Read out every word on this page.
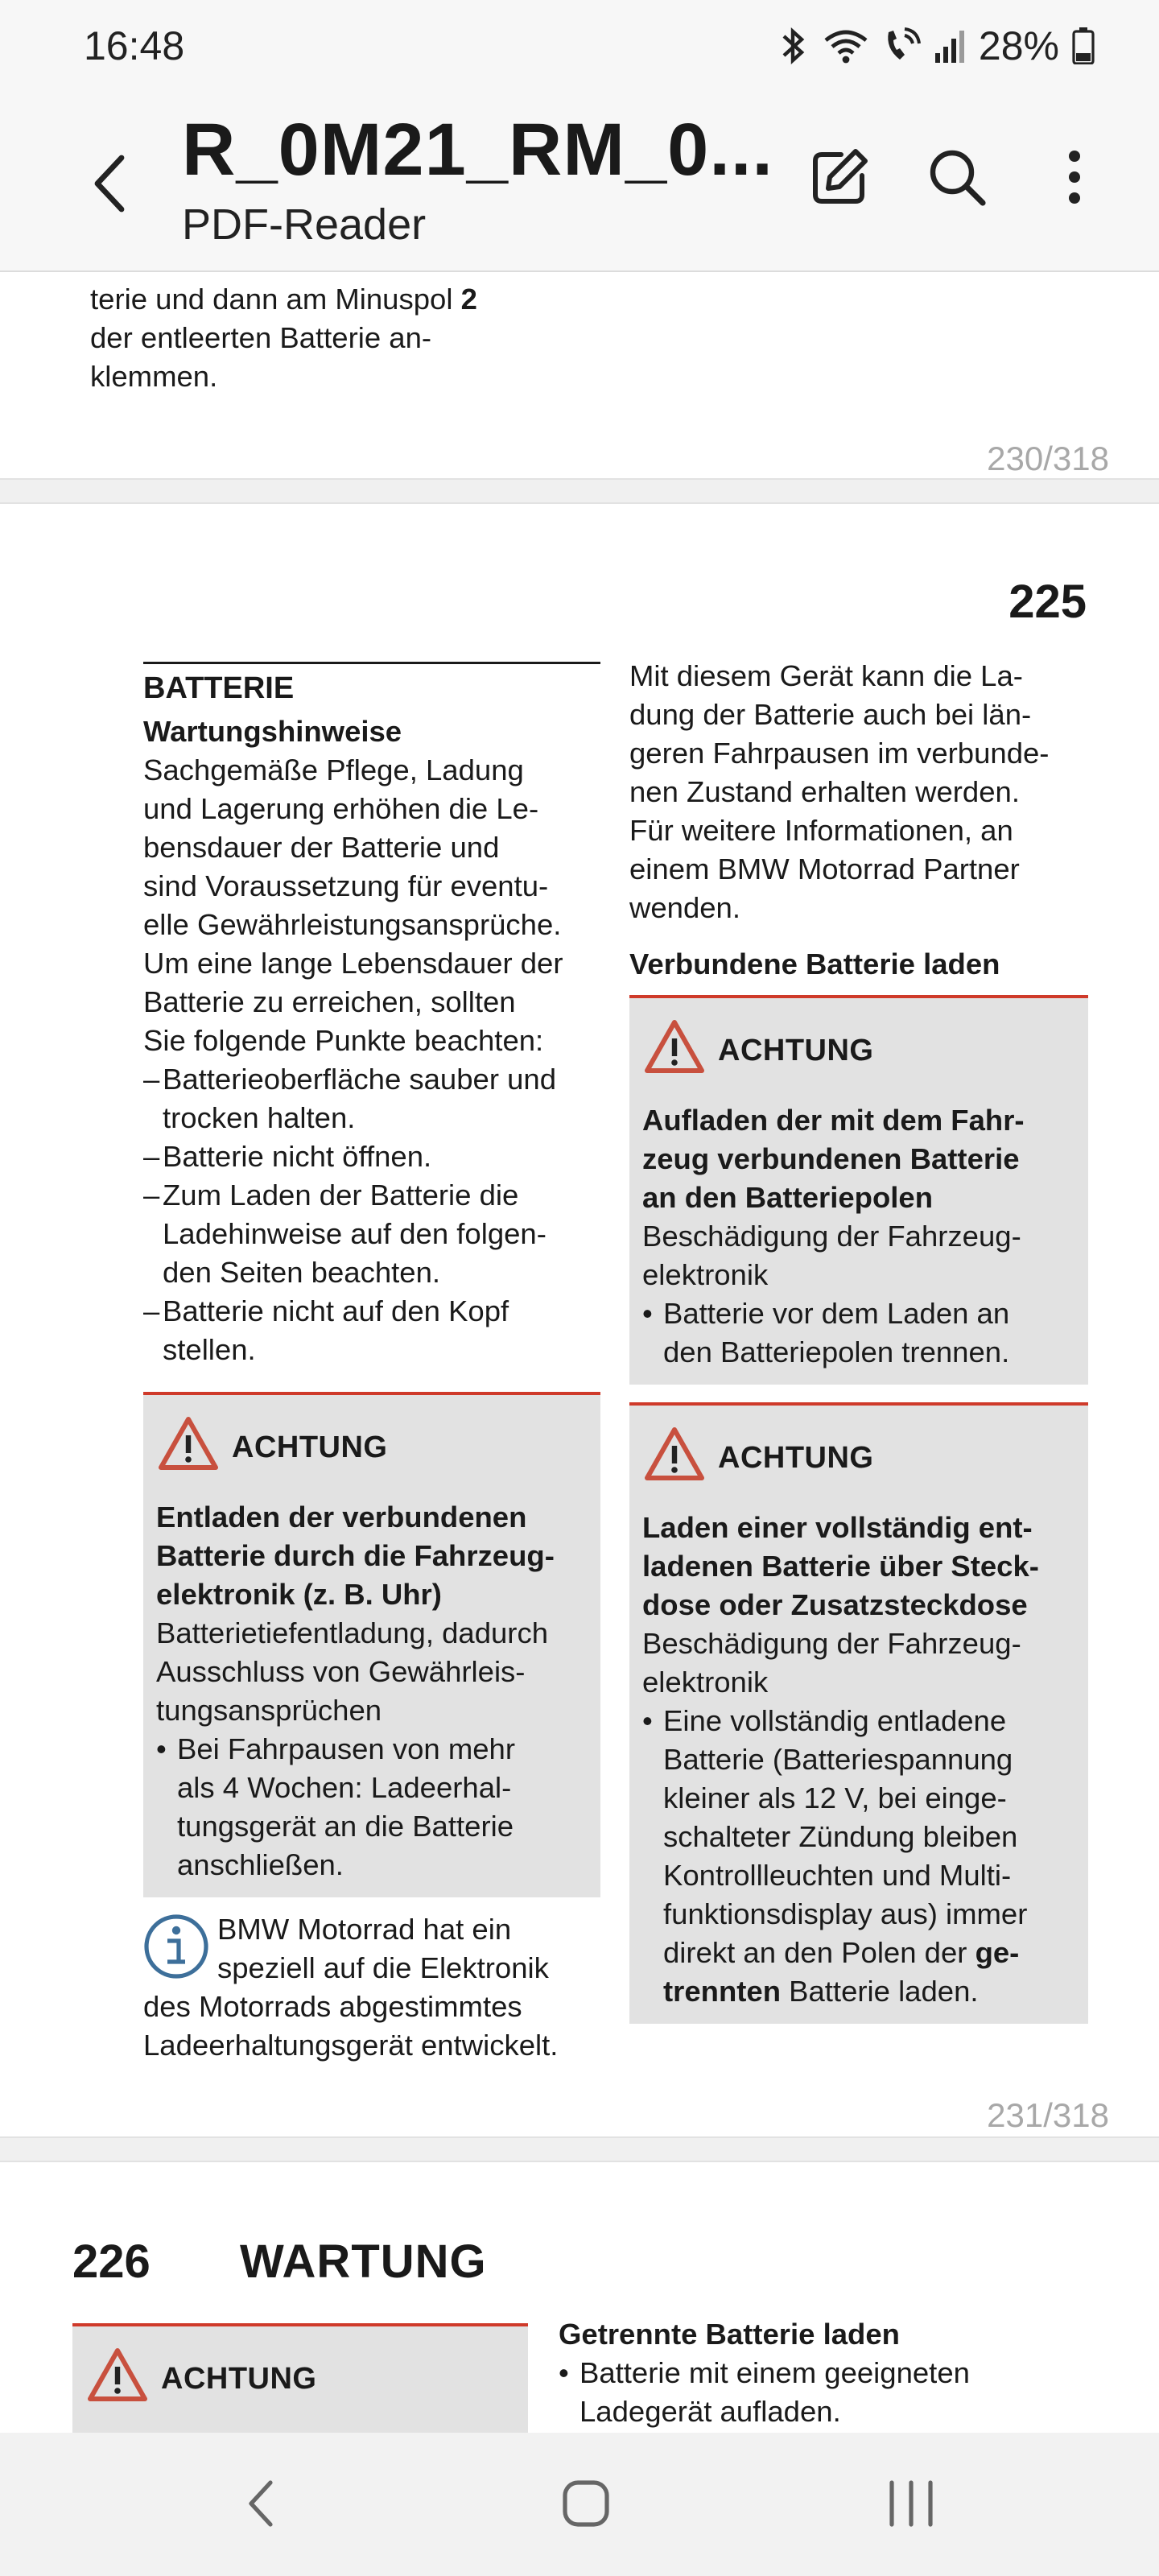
16:48	28%
R_0M21_RM_0...
PDF-Reader
terie und dann am Minuspol 2
der entleerten Batterie an-
klemmen.
230/318
225
BATTERIE
Wartungshinweise
Sachgemäße Pflege, Ladung
und Lagerung erhöhen die Le-
bensdauer der Batterie und
sind Voraussetzung für eventu-
elle Gewährleistungsansprüche.
Um eine lange Lebensdauer der
Batterie zu erreichen, sollten
Sie folgende Punkte beachten:
– Batterieoberfläche sauber und
trocken halten.
– Batterie nicht öffnen.
– Zum Laden der Batterie die
Ladehinweise auf den folgen-
den Seiten beachten.
– Batterie nicht auf den Kopf
stellen.
ACHTUNG
Entladen der verbundenen
Batterie durch die Fahrzeug-
elektronik (z. B. Uhr)
Batterietiefentladung, dadurch
Ausschluss von Gewährleis-
tungsansprüchen
• Bei Fahrpausen von mehr
als 4 Wochen: Ladeerhal-
tungsgerät an die Batterie
anschließen.
BMW Motorrad hat ein
speziell auf die Elektronik
des Motorrads abgestimmtes
Ladeerhaltungsgerät entwickelt.
Mit diesem Gerät kann die La-
dung der Batterie auch bei län-
geren Fahrpausen im verbunde-
nen Zustand erhalten werden.
Für weitere Informationen, an
einem BMW Motorrad Partner
wenden.
Verbundene Batterie laden
ACHTUNG
Aufladen der mit dem Fahr-
zeug verbundenen Batterie
an den Batteriepolen
Beschädigung der Fahrzeug-
elektronik
• Batterie vor dem Laden an
den Batteriepolen trennen.
ACHTUNG
Laden einer vollständig ent-
ladenen Batterie über Steck-
dose oder Zusatzsteckdose
Beschädigung der Fahrzeug-
elektronik
• Eine vollständig entladene
Batterie (Batteriespannung
kleiner als 12 V, bei einge-
schalteter Zündung bleiben
Kontrollleuchten und Multi-
funktionsdisplay aus) immer
direkt an den Polen der ge-
trennten Batterie laden.
231/318
226 WARTUNG
ACHTUNG
Getrennte Batterie laden
• Batterie mit einem geeigneten
Ladegerät aufladen.
